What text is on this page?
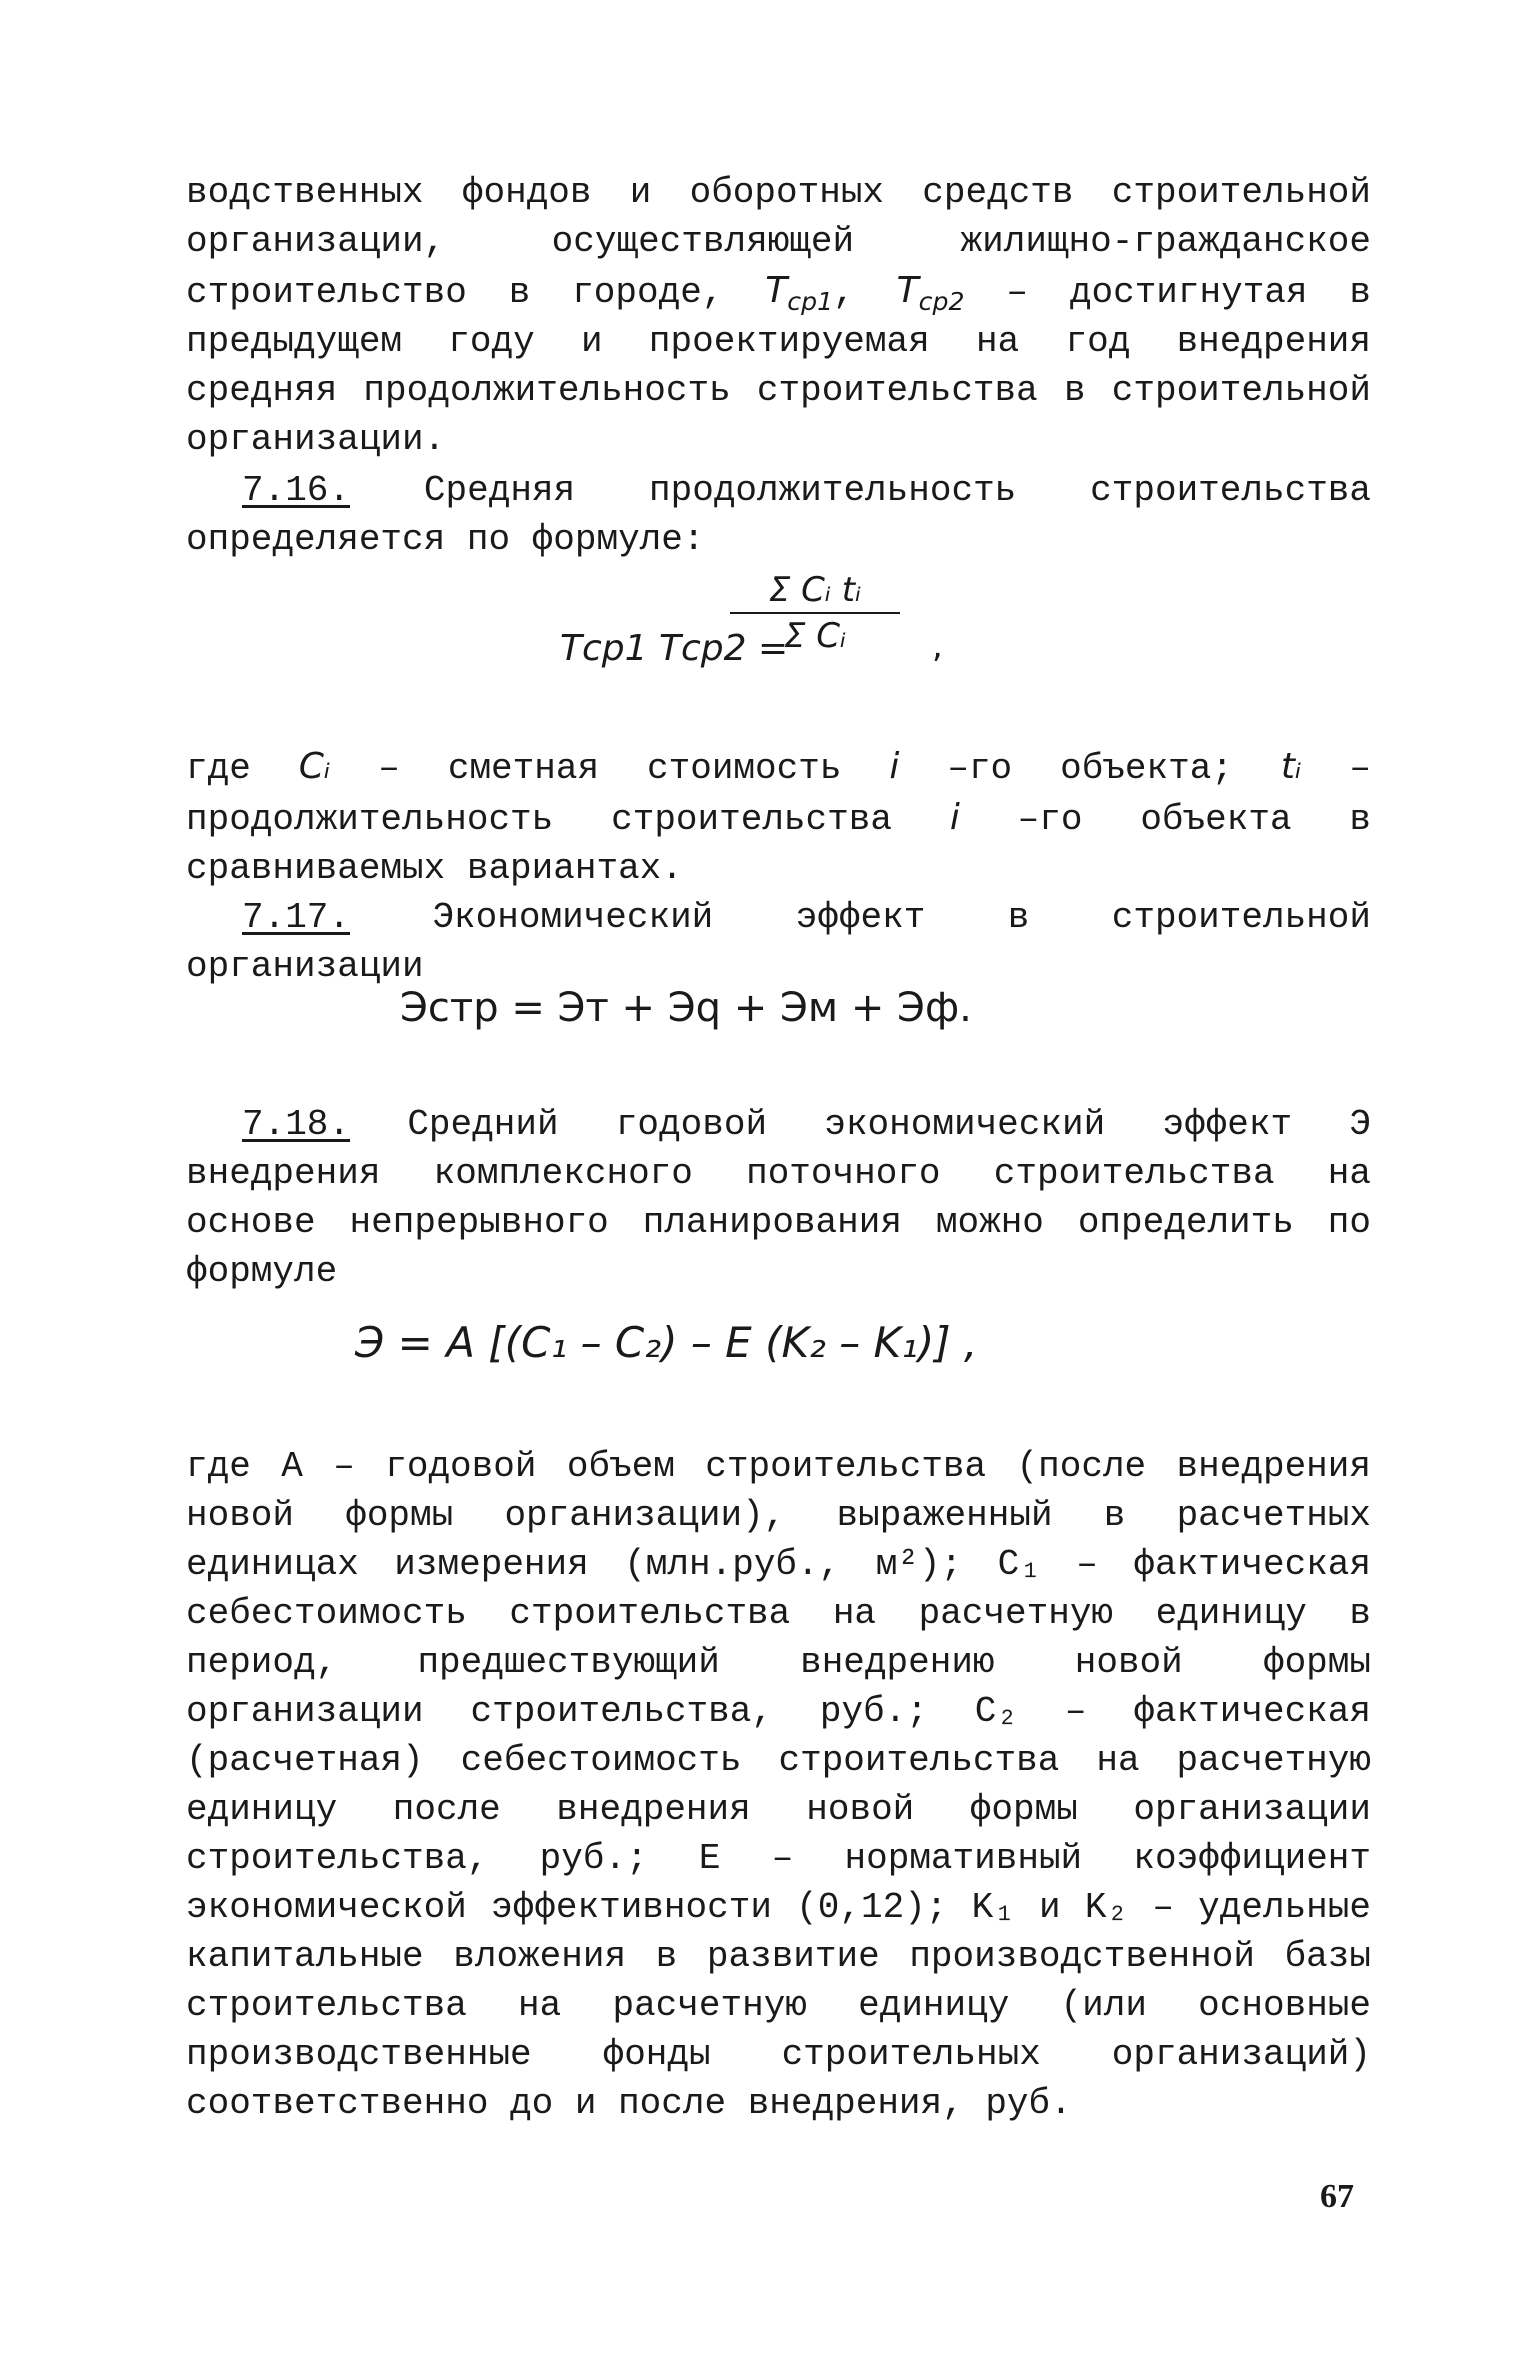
водственных фондов и оборотных средств строительной организации, осуществляющей жилищно-гражданское строительство в городе, $T_{ср1}$, $T_{ср2}$ – достигнутая в предыдущем году и проектируемая на год внедрения средняя продолжительность строительства в строительной организации.

7.16. Средняя продолжительность строительства определяется по формуле:

Tср1 Tср2 =
Σ Cᵢ tᵢ
Σ Cᵢ	,

где Cᵢ – сметная стоимость i –го объекта; tᵢ – продолжительность строительства i –го объекта в сравниваемых вариантах.

7.17. Экономический эффект в строительной организации

Эстр = Эт + Эq + Эм + Эф.

7.18. Средний годовой экономический эффект Э внедрения комплексного поточного строительства на основе непрерывного планирования можно определить по формуле

Э = A [(C₁ – C₂) – E (K₂ – K₁)] ,

где А – годовой объем строительства (после внедрения новой формы организации), выраженный в расчетных единицах измерения (млн.руб., м²); C₁ – фактическая себестоимость строительства на расчетную единицу в период, предшествующий внедрению новой формы организации строительства, руб.; C₂ – фактическая (расчетная) себестоимость строительства на расчетную единицу после внедрения новой формы организации строительства, руб.; E – нормативный коэффициент экономической эффективности (0,12); K₁ и K₂ – удельные капитальные вложения в развитие производственной базы строительства на расчетную единицу (или основные производственные фонды строительных организаций) соответственно до и после внедрения, руб.

67
